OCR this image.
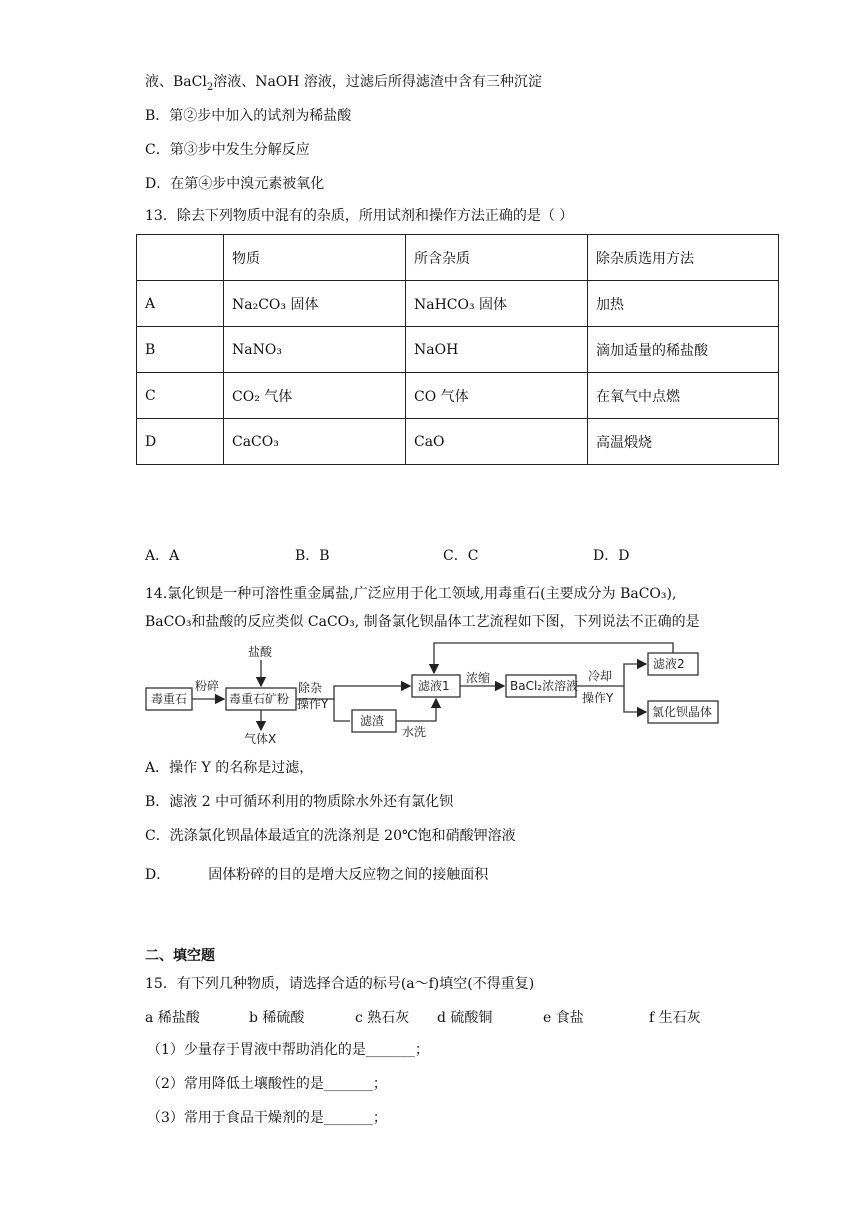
液、BaCl$_2$溶液、NaOH 溶液，过滤后所得滤渣中含有三种沉淀
B．第②步中加入的试剂为稀盐酸
C．第③步中发生分解反应
D．在第④步中溴元素被氧化
13．除去下列物质中混有的杂质，所用试剂和操作方法正确的是（ ）
	物质	所含杂质	除杂质选用方法
A	Na₂CO₃ 固体	NaHCO₃ 固体	加热
B	NaNO₃	NaOH	滴加适量的稀盐酸
C	CO₂ 气体	CO 气体	在氧气中点燃
D	CaCO₃	CaO	高温煅烧
A．A	B．B	C．C	D．D
14.氯化钡是一种可溶性重金属盐,广泛应用于化工领域,用毒重石(主要成分为 BaCO₃),
BaCO₃和盐酸的反应类似 CaCO₃, 制备氯化钡晶体工艺流程如下图，下列说法不正确的是
毒重石
粉碎
盐酸
毒重石矿粉
除杂
操作Y
气体X
滤渣
水洗
滤液1
浓缩
BaCl₂浓溶液
冷却
操作Y
滤液2
氯化钡晶体
A．操作 Y 的名称是过滤，
B．滤液 2 中可循环利用的物质除水外还有氯化钡
C．洗涤氯化钡晶体最适宜的洗涤剂是 20℃饱和硝酸钾溶液
D．	固体粉碎的目的是增大反应物之间的接触面积
二、填空题
15．有下列几种物质，请选择合适的标号(a～f)填空(不得重复)
a 稀盐酸	b 稀硫酸	c 熟石灰 d 硫酸铜	e 食盐	f 生石灰
（1）少量存于胃液中帮助消化的是_______；
（2）常用降低土壤酸性的是_______；
（3）常用于食品干燥剂的是_______；
